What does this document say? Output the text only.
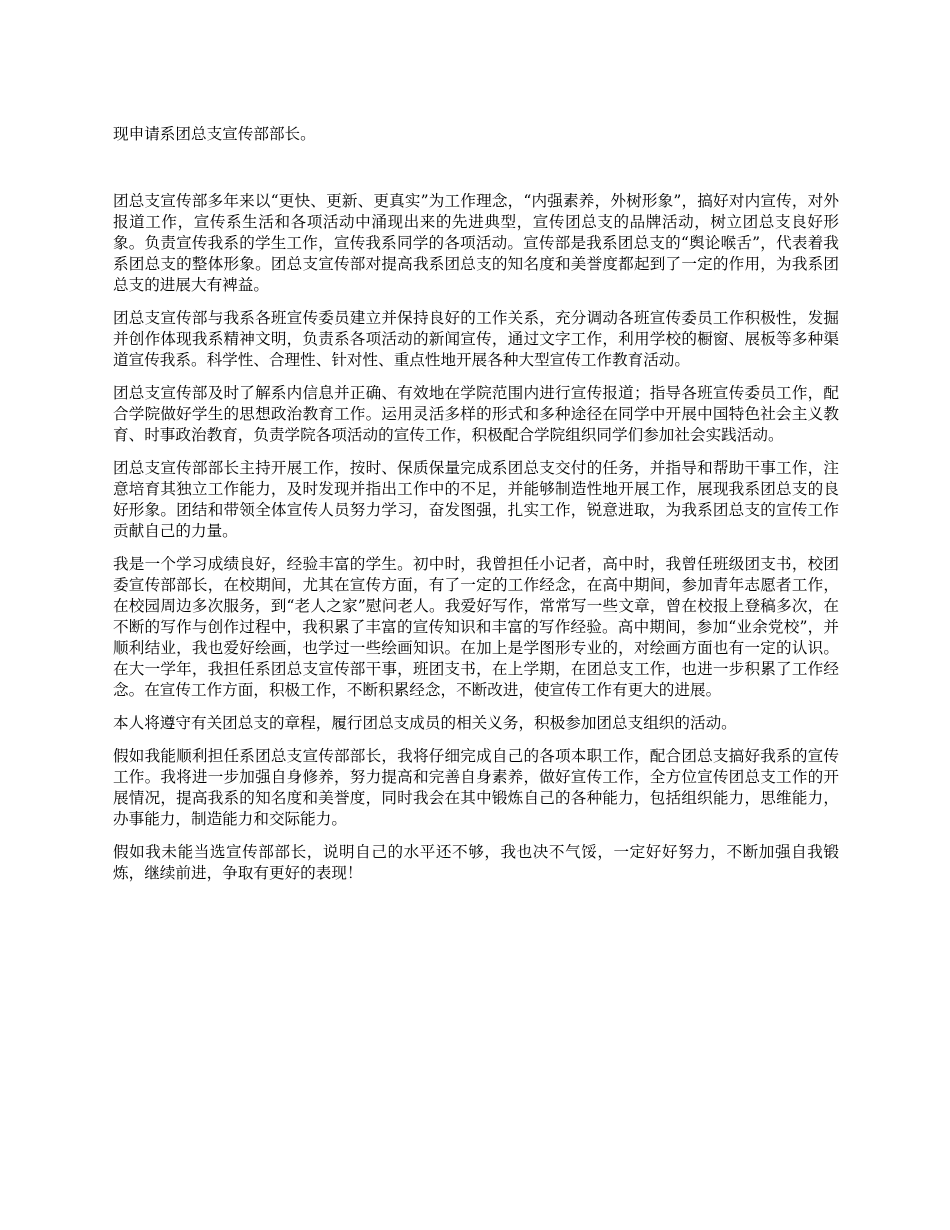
现申请系团总支宣传部部长。

团总支宣传部多年来以“更快、更新、更真实”为工作理念，“内强素养，外树形象”，搞好对内宣传，对外报道工作，宣传系生活和各项活动中涌现出来的先进典型，宣传团总支的品牌活动，树立团总支良好形象。负责宣传我系的学生工作，宣传我系同学的各项活动。宣传部是我系团总支的“舆论喉舌”，代表着我系团总支的整体形象。团总支宣传部对提高我系团总支的知名度和美誉度都起到了一定的作用，为我系团总支的进展大有裨益。

团总支宣传部与我系各班宣传委员建立并保持良好的工作关系，充分调动各班宣传委员工作积极性，发掘并创作体现我系精神文明，负责系各项活动的新闻宣传，通过文字工作，利用学校的橱窗、展板等多种渠道宣传我系。科学性、合理性、针对性、重点性地开展各种大型宣传工作教育活动。

团总支宣传部及时了解系内信息并正确、有效地在学院范围内进行宣传报道；指导各班宣传委员工作，配合学院做好学生的思想政治教育工作。运用灵活多样的形式和多种途径在同学中开展中国特色社会主义教育、时事政治教育，负责学院各项活动的宣传工作，积极配合学院组织同学们参加社会实践活动。

团总支宣传部部长主持开展工作，按时、保质保量完成系团总支交付的任务，并指导和帮助干事工作，注意培育其独立工作能力，及时发现并指出工作中的不足，并能够制造性地开展工作，展现我系团总支的良好形象。团结和带领全体宣传人员努力学习，奋发图强，扎实工作，锐意进取，为我系团总支的宣传工作贡献自己的力量。

我是一个学习成绩良好，经验丰富的学生。初中时，我曾担任小记者，高中时，我曾任班级团支书，校团委宣传部部长，在校期间，尤其在宣传方面，有了一定的工作经念，在高中期间，参加青年志愿者工作，在校园周边多次服务，到“老人之家”慰问老人。我爱好写作，常常写一些文章，曾在校报上登稿多次，在不断的写作与创作过程中，我积累了丰富的宣传知识和丰富的写作经验。高中期间，参加“业余党校”，并顺利结业，我也爱好绘画，也学过一些绘画知识。在加上是学图形专业的，对绘画方面也有一定的认识。在大一学年，我担任系团总支宣传部干事，班团支书，在上学期，在团总支工作，也进一步积累了工作经念。在宣传工作方面，积极工作，不断积累经念，不断改进，使宣传工作有更大的进展。

本人将遵守有关团总支的章程，履行团总支成员的相关义务，积极参加团总支组织的活动。

假如我能顺利担任系团总支宣传部部长，我将仔细完成自己的各项本职工作，配合团总支搞好我系的宣传工作。我将进一步加强自身修养，努力提高和完善自身素养，做好宣传工作，全方位宣传团总支工作的开展情况，提高我系的知名度和美誉度，同时我会在其中锻炼自己的各种能力，包括组织能力，思维能力，办事能力，制造能力和交际能力。

假如我未能当选宣传部部长，说明自己的水平还不够，我也决不气馁，一定好好努力，不断加强自我锻炼，继续前进，争取有更好的表现！
